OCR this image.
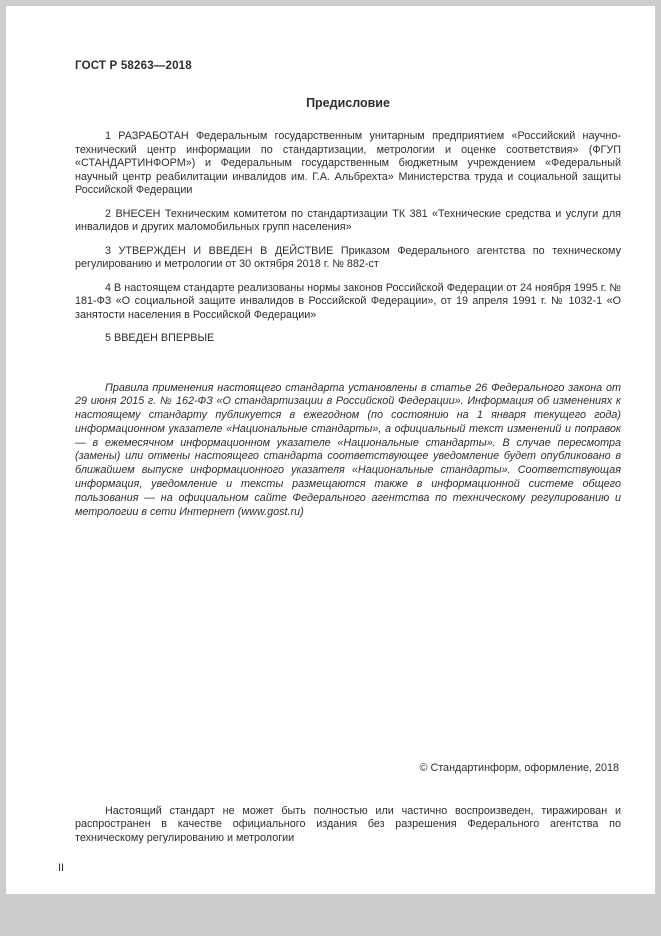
ГОСТ Р 58263—2018
Предисловие

1 РАЗРАБОТАН Федеральным государственным унитарным предприятием «Российский научно-технический центр информации по стандартизации, метрологии и оценке соответствия» (ФГУП «СТАНДАРТИНФОРМ») и Федеральным государственным бюджетным учреждением «Федеральный научный центр реабилитации инвалидов им. Г.А. Альбрехта» Министерства труда и социальной защиты Российской Федерации

2 ВНЕСЕН Техническим комитетом по стандартизации ТК 381 «Технические средства и услуги для инвалидов и других маломобильных групп населения»

3 УТВЕРЖДЕН И ВВЕДЕН В ДЕЙСТВИЕ Приказом Федерального агентства по техническому регулированию и метрологии от 30 октября 2018 г. № 882-ст

4 В настоящем стандарте реализованы нормы законов Российской Федерации от 24 ноября 1995 г. № 181-ФЗ «О социальной защите инвалидов в Российской Федерации», от 19 апреля 1991 г. № 1032-1 «О занятости населения в Российской Федерации»

5 ВВЕДЕН ВПЕРВЫЕ

Правила применения настоящего стандарта установлены в статье 26 Федерального закона от 29 июня 2015 г. № 162-ФЗ «О стандартизации в Российской Федерации». Информация об изменениях к настоящему стандарту публикуется в ежегодном (по состоянию на 1 января текущего года) информационном указателе «Национальные стандарты», а официальный текст изменений и поправок — в ежемесячном информационном указателе «Национальные стандарты». В случае пересмотра (замены) или отмены настоящего стандарта соответствующее уведомление будет опубликовано в ближайшем выпуске информационного указателя «Национальные стандарты». Соответствующая информация, уведомление и тексты размещаются также в информационной системе общего пользования — на официальном сайте Федерального агентства по техническому регулированию и метрологии в сети Интернет (www.gost.ru)

© Стандартинформ, оформление, 2018

Настоящий стандарт не может быть полностью или частично воспроизведен, тиражирован и распространен в качестве официального издания без разрешения Федерального агентства по техническому регулированию и метрологии

II
